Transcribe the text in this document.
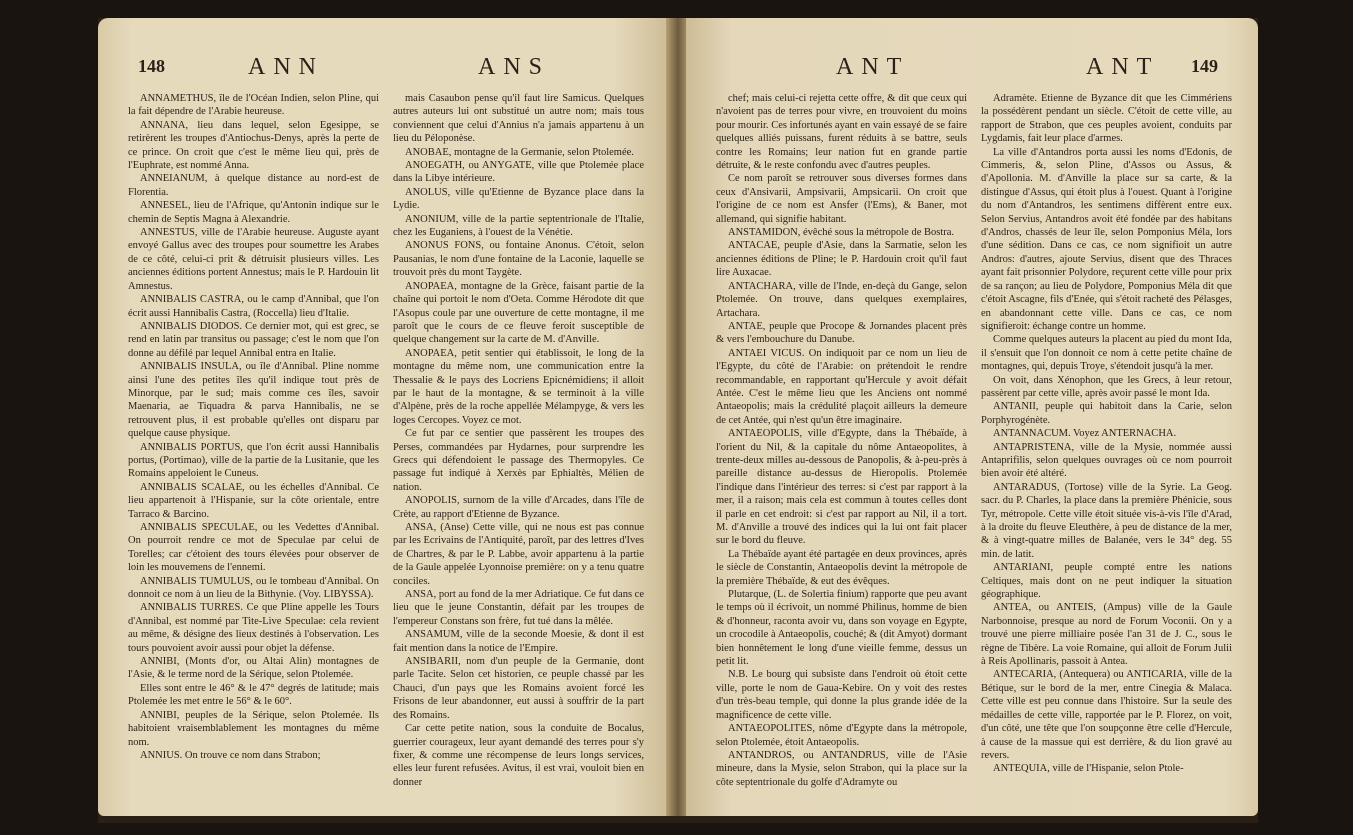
148	ANN	ANS

ANNAMETHUS, île de l'Océan Indien, selon Pline, qui la fait dépendre de l'Arabie heureuse.

ANNANA, lieu dans lequel, selon Egesippe, se retirèrent les troupes d'Antiochus-Denys, après la perte de ce prince. On croit que c'est le même lieu qui, près de l'Euphrate, est nommé Anna.

ANNEIANUM, à quelque distance au nord-est de Florentia.

ANNESEL, lieu de l'Afrique, qu'Antonin indique sur le chemin de Septis Magna à Alexandrie.

ANNESTUS, ville de l'Arabie heureuse. Auguste ayant envoyé Gallus avec des troupes pour soumettre les Arabes de ce côté, celui-ci prit & détruisit plusieurs villes. Les anciennes éditions portent Annestus; mais le P. Hardouin lit Amnestus.

ANNIBALIS CASTRA, ou le camp d'Annibal, que l'on écrit aussi Hannibalis Castra, (Roccella) lieu d'Italie.

ANNIBALIS DIODOS. Ce dernier mot, qui est grec, se rend en latin par transitus ou passage; c'est le nom que l'on donne au défilé par lequel Annibal entra en Italie.

ANNIBALIS INSULA, ou île d'Annibal. Pline nomme ainsi l'une des petites îles qu'il indique tout près de Minorque, par le sud; mais comme ces îles, savoir Maenaria, ae Tiquadra & parva Hannibalis, ne se retrouvent plus, il est probable qu'elles ont disparu par quelque cause physique.

ANNIBALIS PORTUS, que l'on écrit aussi Hannibalis portus, (Portimao), ville de la partie de la Lusitanie, que les Romains appeloient le Cuneus.

ANNIBALIS SCALAE, ou les échelles d'Annibal. Ce lieu appartenoit à l'Hispanie, sur la côte orientale, entre Tarraco & Barcino.

ANNIBALIS SPECULAE, ou les Vedettes d'Annibal. On pourroit rendre ce mot de Speculae par celui de Torelles; car c'étoient des tours élevées pour observer de loin les mouvemens de l'ennemi.

ANNIBALIS TUMULUS, ou le tombeau d'Annibal. On donnoit ce nom à un lieu de la Bithynie. (Voy. LIBYSSA).

ANNIBALIS TURRES. Ce que Pline appelle les Tours d'Annibal, est nommé par Tite-Live Speculae: cela revient au même, & désigne des lieux destinés à l'observation. Les tours pouvoient avoir aussi pour objet la défense.

ANNIBI, (Monts d'or, ou Altai Alin) montagnes de l'Asie, & le terme nord de la Sérique, selon Ptolemée.

Elles sont entre le 46° & le 47° degrés de latitude; mais Ptolemée les met entre le 56° & le 60°.

ANNIBI, peuples de la Sérique, selon Ptolemée. Ils habitoient vraisemblablement les montagnes du même nom.

ANNIUS. On trouve ce nom dans Strabon;

mais Casaubon pense qu'il faut lire Samicus. Quelques autres auteurs lui ont substitué un autre nom; mais tous conviennent que celui d'Annius n'a jamais appartenu à un lieu du Péloponèse.

ANOBAE, montagne de la Germanie, selon Ptolemée.

ANOEGATH, ou ANYGATE, ville que Ptolemée place dans la Libye intérieure.

ANOLUS, ville qu'Etienne de Byzance place dans la Lydie.

ANONIUM, ville de la partie septentrionale de l'Italie, chez les Euganiens, à l'ouest de la Vénétie.

ANONUS FONS, ou fontaine Anonus. C'étoit, selon Pausanias, le nom d'une fontaine de la Laconie, laquelle se trouvoit près du mont Taygète.

ANOPAEA, montagne de la Grèce, faisant partie de la chaîne qui portoit le nom d'Oeta. Comme Hérodote dit que l'Asopus coule par une ouverture de cette montagne, il me paroît que le cours de ce fleuve feroit susceptible de quelque changement sur la carte de M. d'Anville.

ANOPAEA, petit sentier qui établissoit, le long de la montagne du même nom, une communication entre la Thessalie & le pays des Locriens Epicnémidiens; il alloit par le haut de la montagne, & se terminoit à la ville d'Alpène, près de la roche appellée Mélampyge, & vers les loges Cercopes. Voyez ce mot.

Ce fut par ce sentier que passèrent les troupes des Perses, commandées par Hydarnes, pour surprendre les Grecs qui défendoient le passage des Thermopyles. Ce passage fut indiqué à Xerxès par Ephialtès, Mélien de nation.

ANOPOLIS, surnom de la ville d'Arcades, dans l'île de Crète, au rapport d'Etienne de Byzance.

ANSA, (Anse) Cette ville, qui ne nous est pas connue par les Ecrivains de l'Antiquité, paroît, par des lettres d'Ives de Chartres, & par le P. Labbe, avoir appartenu à la partie de la Gaule appelée Lyonnoise première: on y a tenu quatre conciles.

ANSA, port au fond de la mer Adriatique. Ce fut dans ce lieu que le jeune Constantin, défait par les troupes de l'empereur Constans son frère, fut tué dans la mêlée.

ANSAMUM, ville de la seconde Moesie, & dont il est fait mention dans la notice de l'Empire.

ANSIBARII, nom d'un peuple de la Germanie, dont parle Tacite. Selon cet historien, ce peuple chassé par les Chauci, d'un pays que les Romains avoient forcé les Frisons de leur abandonner, eut aussi à souffrir de la part des Romains.

Car cette petite nation, sous la conduite de Bocalus, guerrier courageux, leur ayant demandé des terres pour s'y fixer, & comme une récompense de leurs longs services, elles leur furent refusées. Avitus, il est vrai, vouloit bien en donner

ANT	ANT 149

chef; mais celui-ci rejetta cette offre, & dit que ceux qui n'avoient pas de terres pour vivre, en trouvoient du moins pour mourir. Ces infortunés ayant en vain essayé de se faire quelques alliés puissans, furent réduits à se battre, seuls contre les Romains; leur nation fut en grande partie détruite, & le reste confondu avec d'autres peuples.

Ce nom paroît se retrouver sous diverses formes dans ceux d'Ansivarii, Ampsivarii, Ampsicarii. On croit que l'origine de ce nom est Ansfer (l'Ems), & Baner, mot allemand, qui signifie habitant.

ANSTAMIDON, évêché sous la métropole de Bostra.

ANTACAE, peuple d'Asie, dans la Sarmatie, selon les anciennes éditions de Pline; le P. Hardouin croit qu'il faut lire Auxacae.

ANTACHARA, ville de l'Inde, en-deçà du Gange, selon Ptolemée. On trouve, dans quelques exemplaires, Artachara.

ANTAE, peuple que Procope & Jornandes placent près & vers l'embouchure du Danube.

ANTAEI VICUS. On indiquoit par ce nom un lieu de l'Egypte, du côté de l'Arabie: on prétendoit le rendre recommandable, en rapportant qu'Hercule y avoit défait Antée. C'est le même lieu que les Anciens ont nommé Antaeopolis; mais la crédulité plaçoit ailleurs la demeure de cet Antée, qui n'est qu'un être imaginaire.

ANTAEOPOLIS, ville d'Egypte, dans la Thébaïde, à l'orient du Nil, & la capitale du nôme Antaeopolites, à trente-deux milles au-dessous de Panopolis, & à-peu-près à pareille distance au-dessus de Hieropolis. Ptolemée l'indique dans l'intérieur des terres: si c'est par rapport à la mer, il a raison; mais cela est commun à toutes celles dont il parle en cet endroit: si c'est par rapport au Nil, il a tort. M. d'Anville a trouvé des indices qui la lui ont fait placer sur le bord du fleuve.

La Thébaïde ayant été partagée en deux provinces, après le siècle de Constantin, Antaeopolis devint la métropole de la première Thébaïde, & eut des évêques.

Plutarque, (L. de Solertia finium) rapporte que peu avant le temps où il écrivoit, un nommé Philinus, homme de bien & d'honneur, raconta avoir vu, dans son voyage en Egypte, un crocodile à Antaeopolis, couché; & (dit Amyot) dormant bien honnêtement le long d'une vieille femme, dessus un petit lit.

N.B. Le bourg qui subsiste dans l'endroit où étoit cette ville, porte le nom de Gaua-Kebire. On y voit des restes d'un très-beau temple, qui donne la plus grande idée de la magnificence de cette ville.

ANTAEOPOLITES, nôme d'Egypte dans la métropole, selon Ptolemée, étoit Antaeopolis.

ANTANDROS, ou ANTANDRUS, ville de l'Asie mineure, dans la Mysie, selon Strabon, qui la place sur la côte septentrionale du golfe d'Adramyte ou

Adramète. Etienne de Byzance dit que les Cimmériens la possédèrent pendant un siècle. C'étoit de cette ville, au rapport de Strabon, que ces peuples avoient, conduits par Lygdamis, fait leur place d'armes.

La ville d'Antandros porta aussi les noms d'Edonis, de Cimmeris, &, selon Pline, d'Assos ou Assus, & d'Apollonia. M. d'Anville la place sur sa carte, & la distingue d'Assus, qui étoit plus à l'ouest. Quant à l'origine du nom d'Antandros, les sentimens diffèrent entre eux. Selon Servius, Antandros avoit été fondée par des habitans d'Andros, chassés de leur île, selon Pomponius Méla, lors d'une sédition. Dans ce cas, ce nom signifioit un autre Andros: d'autres, ajoute Servius, disent que des Thraces ayant fait prisonnier Polydore, reçurent cette ville pour prix de sa rançon; au lieu de Polydore, Pomponius Méla dit que c'étoit Ascagne, fils d'Enée, qui s'étoit racheté des Pélasges, en abandonnant cette ville. Dans ce cas, ce nom signifieroit: échange contre un homme.

Comme quelques auteurs la placent au pied du mont Ida, il s'ensuit que l'on donnoit ce nom à cette petite chaîne de montagnes, qui, depuis Troye, s'étendoit jusqu'à la mer.

On voit, dans Xénophon, que les Grecs, à leur retour, passèrent par cette ville, après avoir passé le mont Ida.

ANTANII, peuple qui habitoit dans la Carie, selon Porphyrogénète.

ANTANNACUM. Voyez ANTERNACHA.

ANTAPRISTENA, ville de la Mysie, nommée aussi Antaprifilis, selon quelques ouvrages où ce nom pourroit bien avoir été altéré.

ANTARADUS, (Tortose) ville de la Syrie. La Geog. sacr. du P. Charles, la place dans la première Phénicie, sous Tyr, métropole. Cette ville étoit située vis-à-vis l'île d'Arad, à la droite du fleuve Eleuthère, à peu de distance de la mer, & à vingt-quatre milles de Balanée, vers le 34° deg. 55 min. de latit.

ANTARIANI, peuple compté entre les nations Celtiques, mais dont on ne peut indiquer la situation géographique.

ANTEA, ou ANTEIS, (Ampus) ville de la Gaule Narbonnoise, presque au nord de Forum Voconii. On y a trouvé une pierre milliaire posée l'an 31 de J. C., sous le règne de Tibère. La voie Romaine, qui alloit de Forum Julii à Reis Apollinaris, passoit à Antea.

ANTECARIA, (Antequera) ou ANTICARIA, ville de la Bétique, sur le bord de la mer, entre Cinegia & Malaca. Cette ville est peu connue dans l'histoire. Sur la seule des médailles de cette ville, rapportée par le P. Florez, on voit, d'un côté, une tête que l'on soupçonne être celle d'Hercule, à cause de la massue qui est derrière, & du lion gravé au revers.

ANTEQUIA, ville de l'Hispanie, selon Ptole-
